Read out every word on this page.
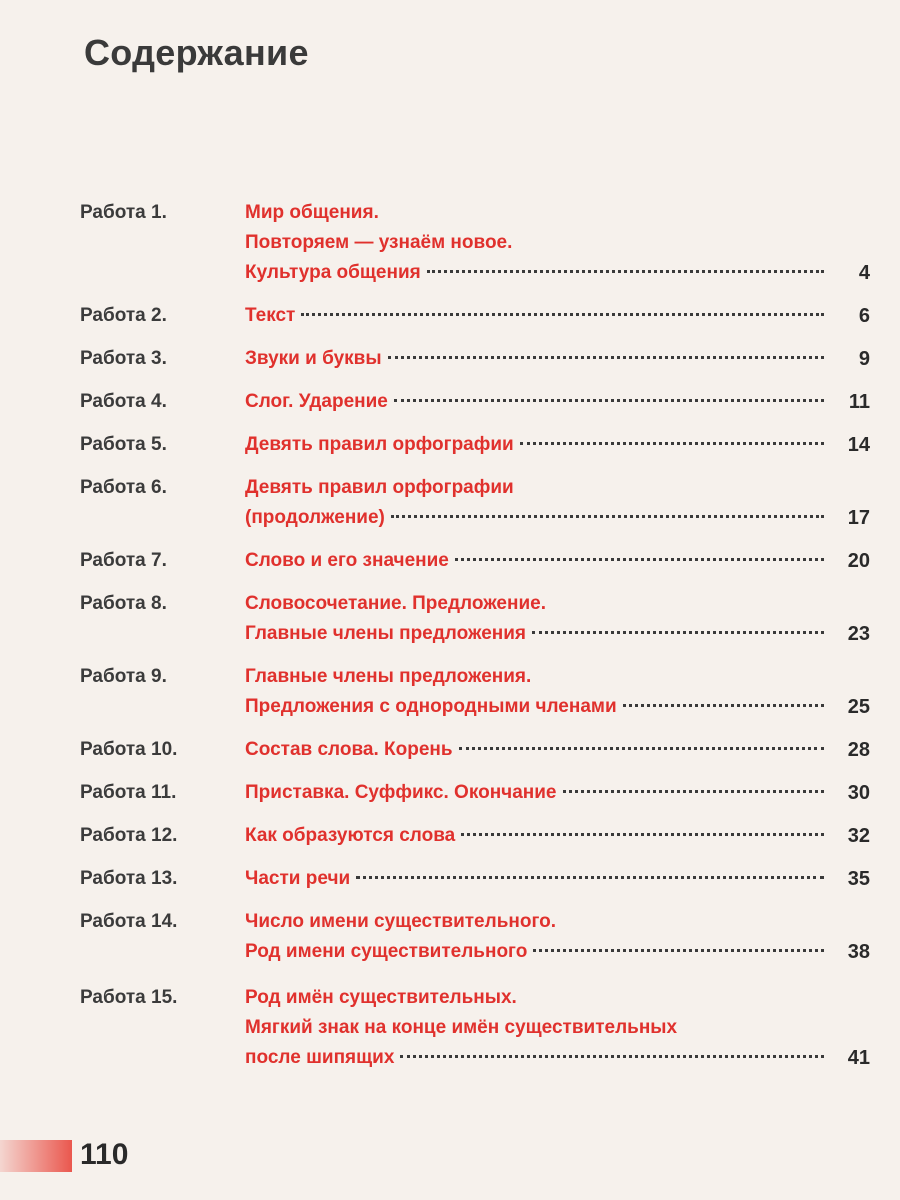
Содержание
Работа 1.	Мир общения.
Повторяем — узнаём новое.
Культура общения	4
Работа 2.	Текст	6
Работа 3.	Звуки и буквы	9
Работа 4.	Слог. Ударение	11
Работа 5.	Девять правил орфографии	14
Работа 6.	Девять правил орфографии
(продолжение)	17
Работа 7.	Слово и его значение	20
Работа 8.	Словосочетание. Предложение.
Главные члены предложения	23
Работа 9.	Главные члены предложения.
Предложения с однородными членами	25
Работа 10.	Состав слова. Корень	28
Работа 11.	Приставка. Суффикс. Окончание	30
Работа 12.	Как образуются слова	32
Работа 13.	Части речи	35
Работа 14.	Число имени существительного.
Род имени существительного	38
Работа 15.	Род имён существительных.
Мягкий знак на конце имён существительных
после шипящих	41
110
